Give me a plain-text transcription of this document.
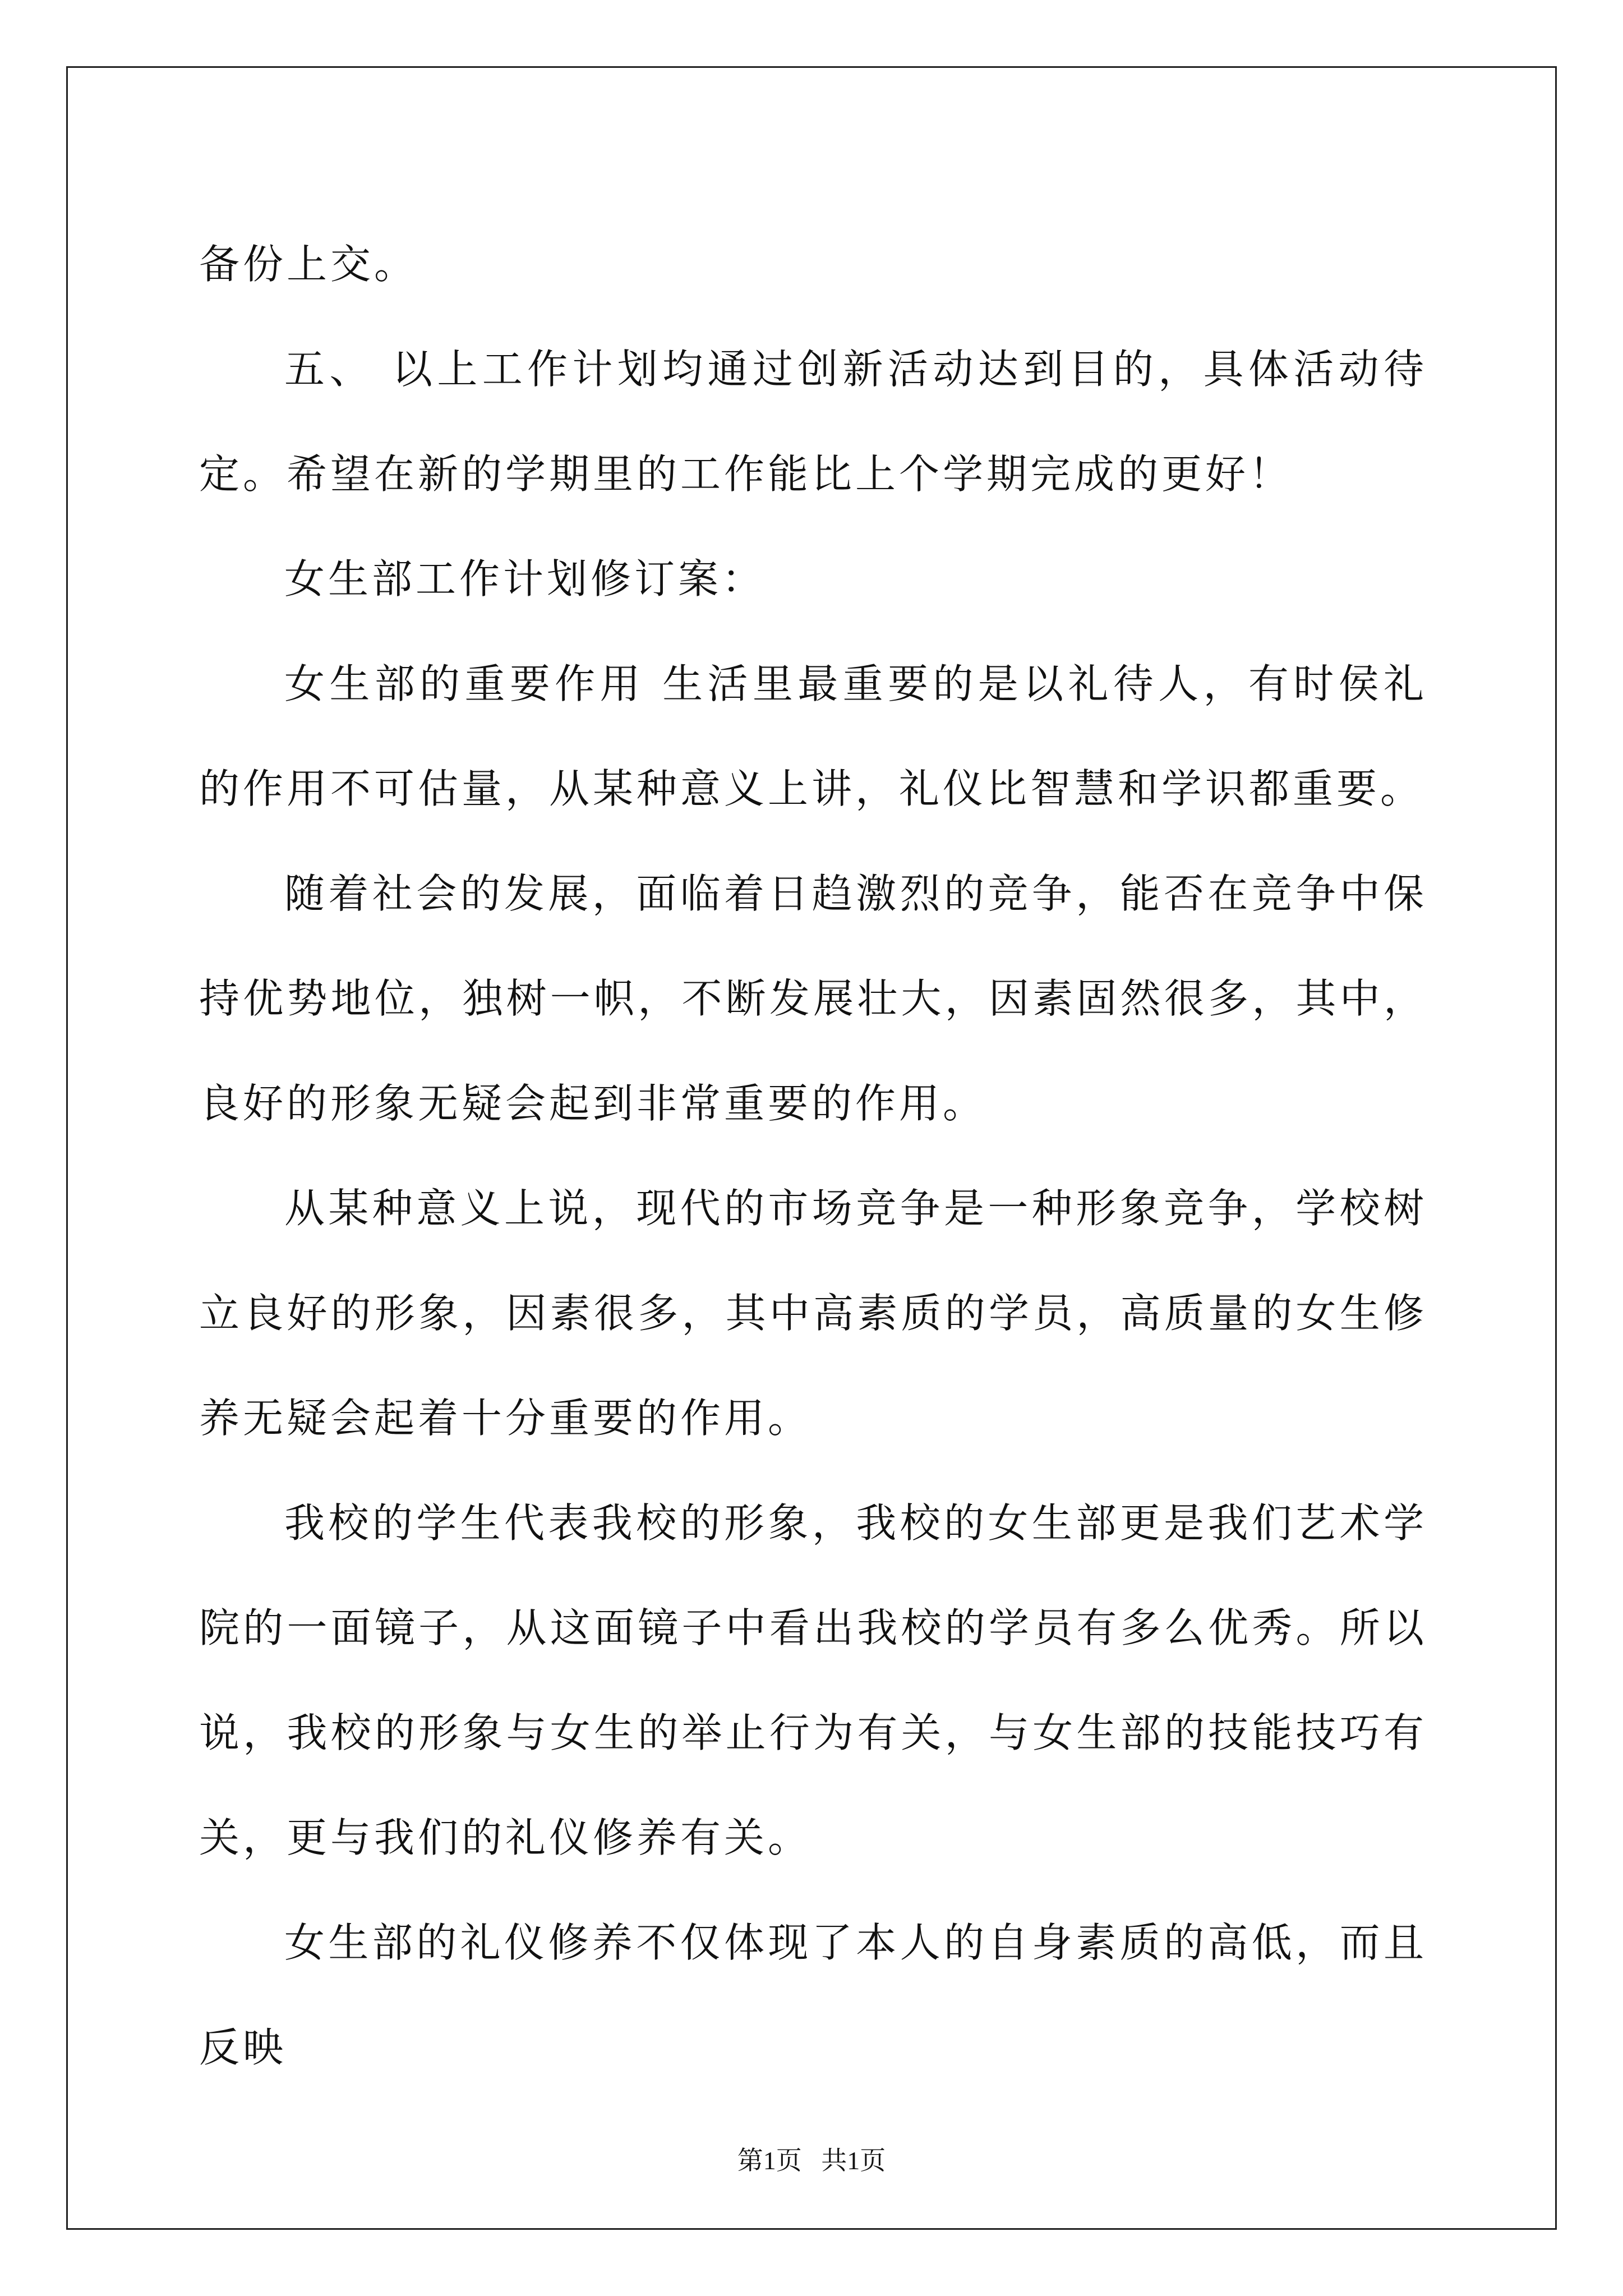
备份上交。

五、 以上工作计划均通过创新活动达到目的，具体活动待定。希望在新的学期里的工作能比上个学期完成的更好！

女生部工作计划修订案：

女生部的重要作用 生活里最重要的是以礼待人，有时侯礼的作用不可估量，从某种意义上讲，礼仪比智慧和学识都重要。

随着社会的发展，面临着日趋激烈的竞争，能否在竞争中保持优势地位，独树一帜，不断发展壮大，因素固然很多，其中，良好的形象无疑会起到非常重要的作用。

从某种意义上说，现代的市场竞争是一种形象竞争，学校树立良好的形象，因素很多，其中高素质的学员，高质量的女生修养无疑会起着十分重要的作用。

我校的学生代表我校的形象，我校的女生部更是我们艺术学院的一面镜子，从这面镜子中看出我校的学员有多么优秀。所以说，我校的形象与女生的举止行为有关，与女生部的技能技巧有关，更与我们的礼仪修养有关。

女生部的礼仪修养不仅体现了本人的自身素质的高低，而且反映

第1页 共1页
